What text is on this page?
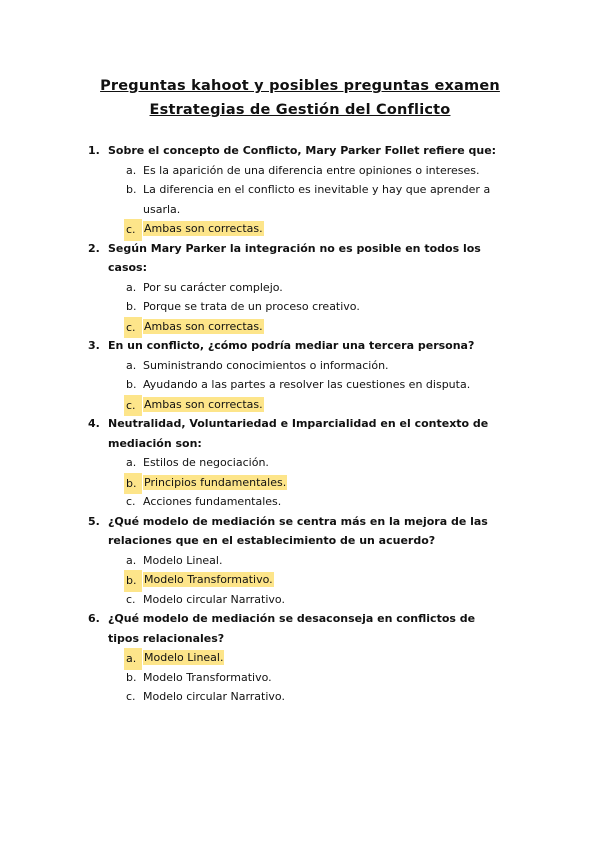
Preguntas kahoot y posibles preguntas examen
Estrategias de Gestión del Conflicto
1. Sobre el concepto de Conflicto, Mary Parker Follet refiere que:
a. Es la aparición de una diferencia entre opiniones o intereses.
b. La diferencia en el conflicto es inevitable y hay que aprender a usarla.
c. Ambas son correctas.
2. Según Mary Parker la integración no es posible en todos los casos:
a. Por su carácter complejo.
b. Porque se trata de un proceso creativo.
c. Ambas son correctas.
3. En un conflicto, ¿cómo podría mediar una tercera persona?
a. Suministrando conocimientos o información.
b. Ayudando a las partes a resolver las cuestiones en disputa.
c. Ambas son correctas.
4. Neutralidad, Voluntariedad e Imparcialidad en el contexto de mediación son:
a. Estilos de negociación.
b. Principios fundamentales.
c. Acciones fundamentales.
5. ¿Qué modelo de mediación se centra más en la mejora de las relaciones que en el establecimiento de un acuerdo?
a. Modelo Lineal.
b. Modelo Transformativo.
c. Modelo circular Narrativo.
6. ¿Qué modelo de mediación se desaconseja en conflictos de tipos relacionales?
a. Modelo Lineal.
b. Modelo Transformativo.
c. Modelo circular Narrativo.
